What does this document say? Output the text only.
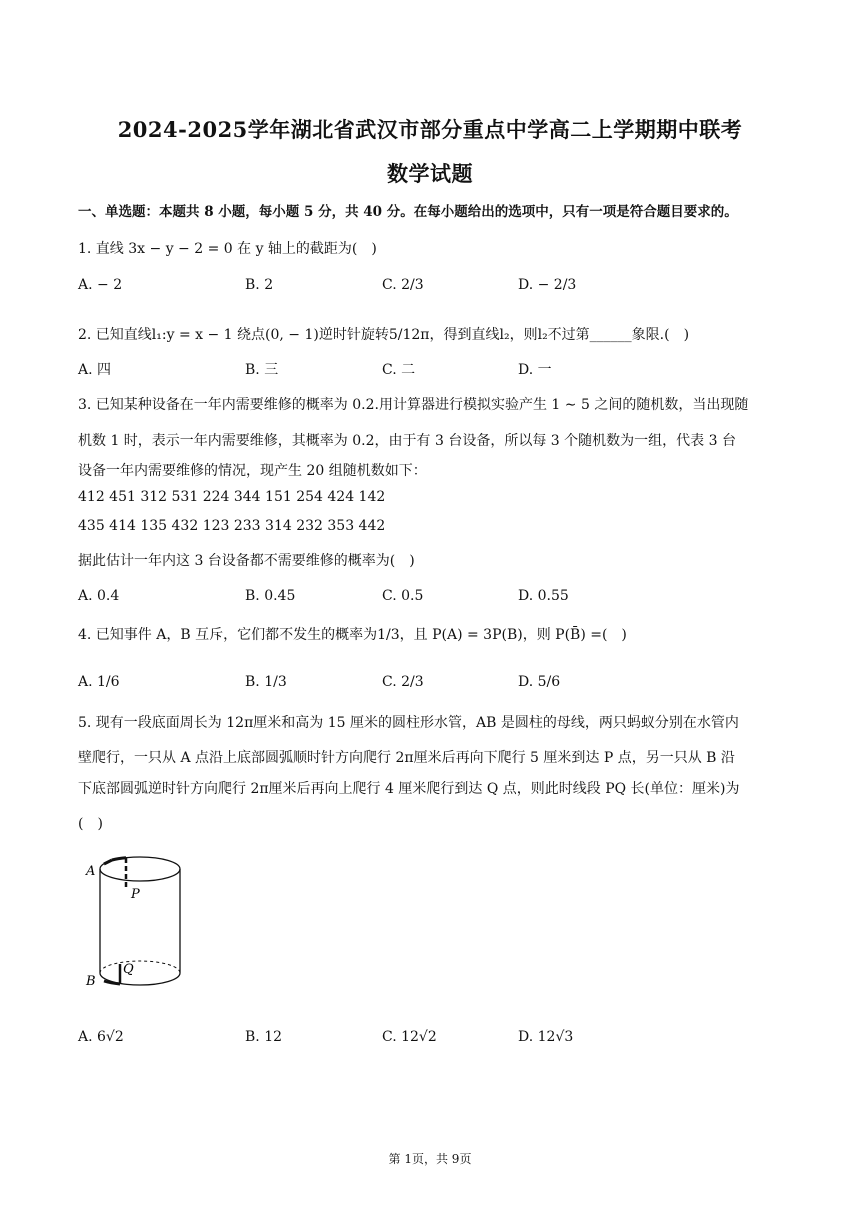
2024-2025学年湖北省武汉市部分重点中学高二上学期期中联考
数学试题
一、单选题：本题共 8 小题，每小题 5 分，共 40 分。在每小题给出的选项中，只有一项是符合题目要求的。
1. 直线 3x − y − 2 = 0 在 y 轴上的截距为(　)
A. − 2	B. 2	C. 2/3	D. − 2/3
2. 已知直线l₁:y = x − 1 绕点(0, − 1)逆时针旋转5/12π，得到直线l₂，则l₂不过第______象限.(　)
A. 四	B. 三	C. 二	D. 一
3. 已知某种设备在一年内需要维修的概率为 0.2.用计算器进行模拟实验产生 1 ∼ 5 之间的随机数，当出现随
机数 1 时，表示一年内需要维修，其概率为 0.2，由于有 3 台设备，所以每 3 个随机数为一组，代表 3 台
设备一年内需要维修的情况，现产生 20 组随机数如下：
412 451 312 531 224 344 151 254 424 142
435 414 135 432 123 233 314 232 353 442
据此估计一年内这 3 台设备都不需要维修的概率为(　)
A. 0.4	B. 0.45	C. 0.5	D. 0.55
4. 已知事件 A，B 互斥，它们都不发生的概率为1/3，且 P(A) = 3P(B)，则 P(B̄) =(　)
A. 1/6	B. 1/3	C. 2/3	D. 5/6
5. 现有一段底面周长为 12π厘米和高为 15 厘米的圆柱形水管，AB 是圆柱的母线，两只蚂蚁分别在水管内
壁爬行，一只从 A 点沿上底部圆弧顺时针方向爬行 2π厘米后再向下爬行 5 厘米到达 P 点，另一只从 B 沿
下底部圆弧逆时针方向爬行 2π厘米后再向上爬行 4 厘米爬行到达 Q 点，则此时线段 PQ 长(单位：厘米)为
(　)
A
P
Q
B
A. 6√2	B. 12	C. 12√2	D. 12√3
第 1页，共 9页
